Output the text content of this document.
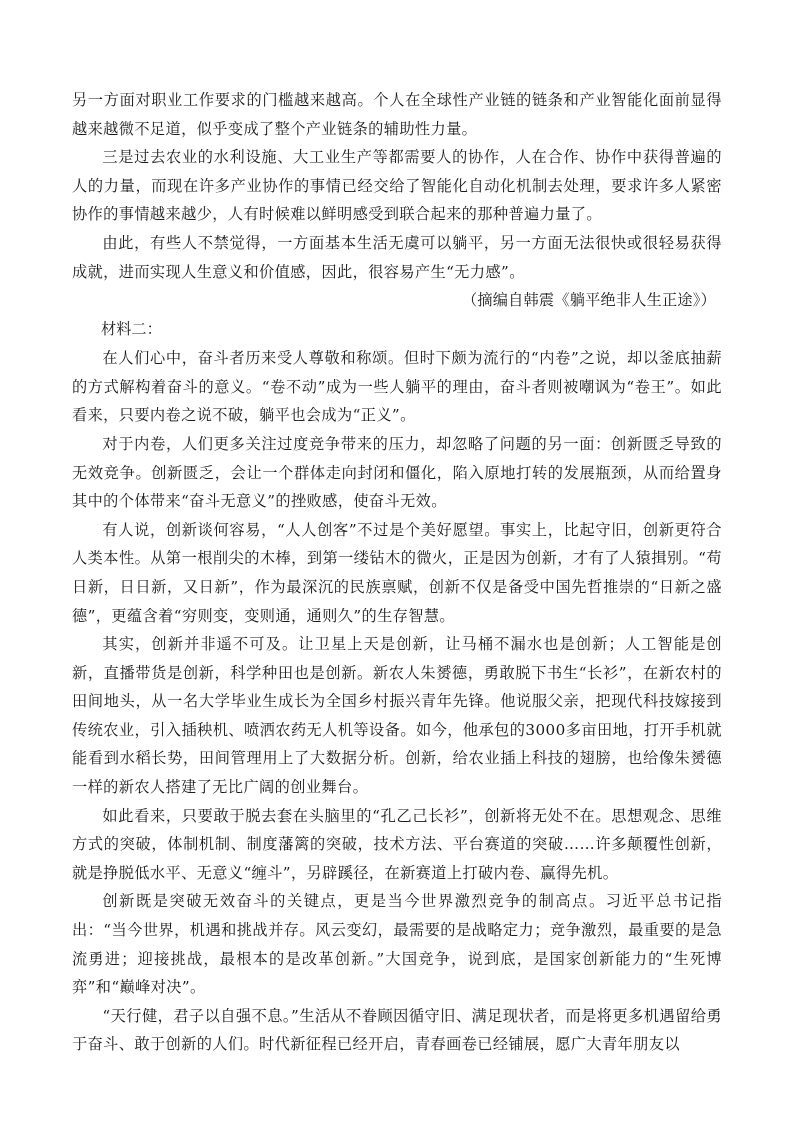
另一方面对职业工作要求的门槛越来越高。个人在全球性产业链的链条和产业智能化面前显得越来越微不足道，似乎变成了整个产业链条的辅助性力量。

三是过去农业的水利设施、大工业生产等都需要人的协作，人在合作、协作中获得普遍的人的力量，而现在许多产业协作的事情已经交给了智能化自动化机制去处理，要求许多人紧密协作的事情越来越少，人有时候难以鲜明感受到联合起来的那种普遍力量了。

由此，有些人不禁觉得，一方面基本生活无虞可以躺平，另一方面无法很快或很轻易获得成就，进而实现人生意义和价值感，因此，很容易产生“无力感”。

（摘编自韩震《躺平绝非人生正途》）

材料二：

在人们心中，奋斗者历来受人尊敬和称颂。但时下颇为流行的“内卷”之说，却以釜底抽薪的方式解构着奋斗的意义。“卷不动”成为一些人躺平的理由，奋斗者则被嘲讽为“卷王”。如此看来，只要内卷之说不破，躺平也会成为“正义”。

对于内卷，人们更多关注过度竞争带来的压力，却忽略了问题的另一面：创新匮乏导致的无效竞争。创新匮乏，会让一个群体走向封闭和僵化，陷入原地打转的发展瓶颈，从而给置身其中的个体带来“奋斗无意义”的挫败感，使奋斗无效。

有人说，创新谈何容易，“人人创客”不过是个美好愿望。事实上，比起守旧，创新更符合人类本性。从第一根削尖的木棒，到第一缕钻木的微火，正是因为创新，才有了人猿揖别。“苟日新，日日新，又日新”，作为最深沉的民族禀赋，创新不仅是备受中国先哲推崇的“日新之盛德”，更蕴含着“穷则变，变则通，通则久”的生存智慧。

其实，创新并非遥不可及。让卫星上天是创新，让马桶不漏水也是创新；人工智能是创新，直播带货是创新，科学种田也是创新。新农人朱赟德，勇敢脱下书生“长衫”，在新农村的田间地头，从一名大学毕业生成长为全国乡村振兴青年先锋。他说服父亲，把现代科技嫁接到传统农业，引入插秧机、喷洒农药无人机等设备。如今，他承包的3000多亩田地，打开手机就能看到水稻长势，田间管理用上了大数据分析。创新，给农业插上科技的翅膀，也给像朱赟德一样的新农人搭建了无比广阔的创业舞台。

如此看来，只要敢于脱去套在头脑里的“孔乙己长衫”，创新将无处不在。思想观念、思维方式的突破，体制机制、制度藩篱的突破，技术方法、平台赛道的突破……许多颠覆性创新，就是挣脱低水平、无意义“缠斗”，另辟蹊径，在新赛道上打破内卷、赢得先机。

创新既是突破无效奋斗的关键点，更是当今世界激烈竞争的制高点。习近平总书记指出：“当今世界，机遇和挑战并存。风云变幻，最需要的是战略定力；竞争激烈，最重要的是急流勇进；迎接挑战，最根本的是改革创新。”大国竞争，说到底，是国家创新能力的“生死博弈”和“巅峰对决”。

“天行健，君子以自强不息。”生活从不眷顾因循守旧、满足现状者，而是将更多机遇留给勇于奋斗、敢于创新的人们。时代新征程已经开启，青春画卷已经铺展，愿广大青年朋友以
